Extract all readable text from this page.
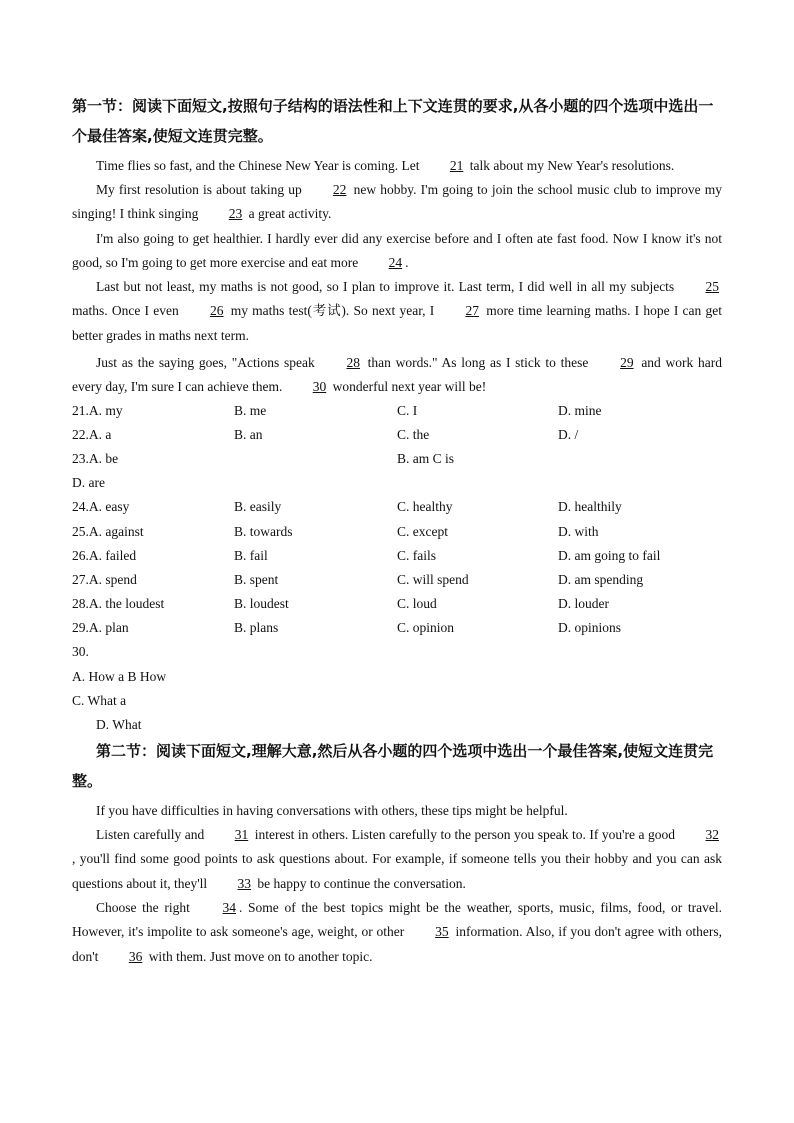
第一节：阅读下面短文,按照句子结构的语法性和上下文连贯的要求,从各小题的四个选项中选出一个最佳答案,使短文连贯完整。

Time flies so fast, and the Chinese New Year is coming. Let 21 talk about my New Year's resolutions.

My first resolution is about taking up 22 new hobby. I'm going to join the school music club to improve my singing! I think singing 23 a great activity.

I'm also going to get healthier. I hardly ever did any exercise before and I often ate fast food. Now I know it's not good, so I'm going to get more exercise and eat more 24 .

Last but not least, my maths is not good, so I plan to improve it. Last term, I did well in all my subjects 25 maths. Once I even 26 my maths test(考试). So next year, I 27 more time learning maths. I hope I can get better grades in maths next term.

Just as the saying goes, "Actions speak 28 than words." As long as I stick to these 29 and work hard every day, I'm sure I can achieve them. 30 wonderful next year will be!

21.A. my	B. me	C. I	D. mine
22.A. a	B. an	C. the	D. /
23.A. be	B. am C is
D. are
24.A. easy	B. easily	C. healthy	D. healthily
25.A. against	B. towards	C. except	D. with
26.A. failed	B. fail	C. fails	D. am going to fail
27.A. spend	B. spent	C. will spend	D. am spending
28.A. the loudest	B. loudest	C. loud	D. louder
29.A. plan	B. plans	C. opinion	D. opinions
30.
A. How a B How
C. What a
D. What

第二节：阅读下面短文,理解大意,然后从各小题的四个选项中选出一个最佳答案,使短文连贯完整。

If you have difficulties in having conversations with others, these tips might be helpful.

Listen carefully and 31 interest in others. Listen carefully to the person you speak to. If you're a good 32, you'll find some good points to ask questions about. For example, if someone tells you their hobby and you can ask questions about it, they'll 33 be happy to continue the conversation.

Choose the right 34 . Some of the best topics might be the weather, sports, music, films, food, or travel. However, it's impolite to ask someone's age, weight, or other 35 information. Also, if you don't agree with others, don't 36 with them. Just move on to another topic.
